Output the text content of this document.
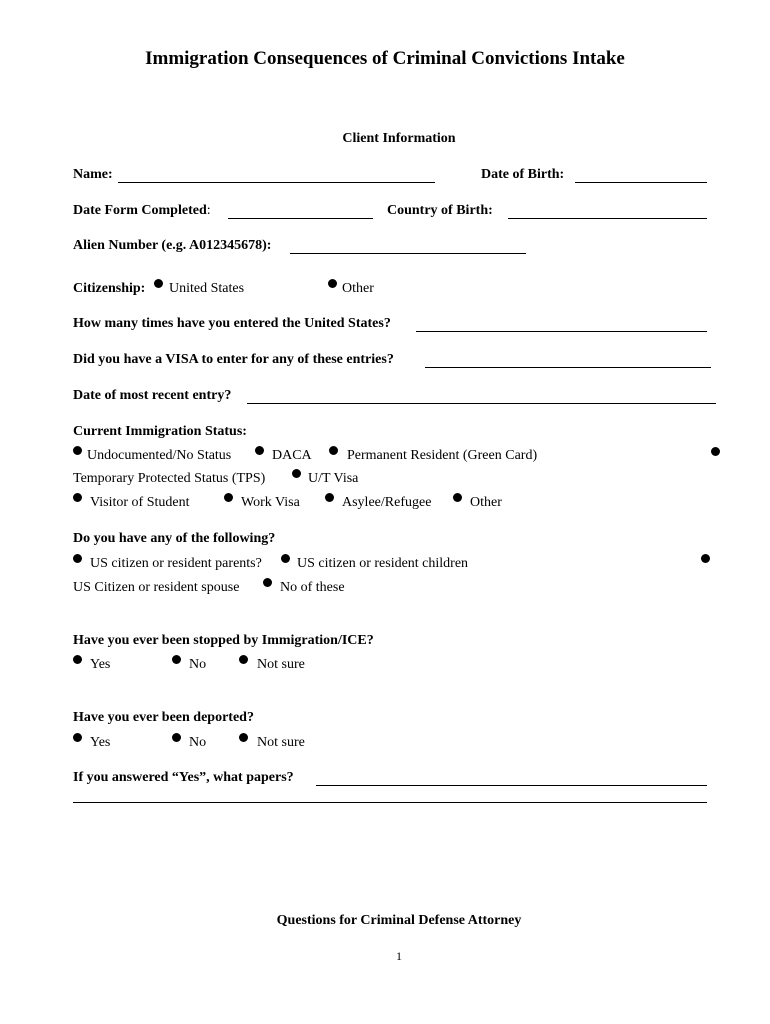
Immigration Consequences of Criminal Convictions Intake
Client Information
Name:	Date of Birth:
Date Form Completed:	Country of Birth:
Alien Number (e.g. A012345678):
Citizenship: United States	Other
How many times have you entered the United States?
Did you have a VISA to enter for any of these entries?
Date of most recent entry?
Current Immigration Status:
Undocumented/No Status	DACA	Permanent Resident (Green Card)
Temporary Protected Status (TPS)	U/T Visa
Visitor of Student	Work Visa	Asylee/Refugee	Other
Do you have any of the following?
US citizen or resident parents?	US citizen or resident children
US Citizen or resident spouse	No of these
Have you ever been stopped by Immigration/ICE?
Yes	No	Not sure
Have you ever been deported?
Yes	No	Not sure
If you answered “Yes”, what papers?
Questions for Criminal Defense Attorney
1
